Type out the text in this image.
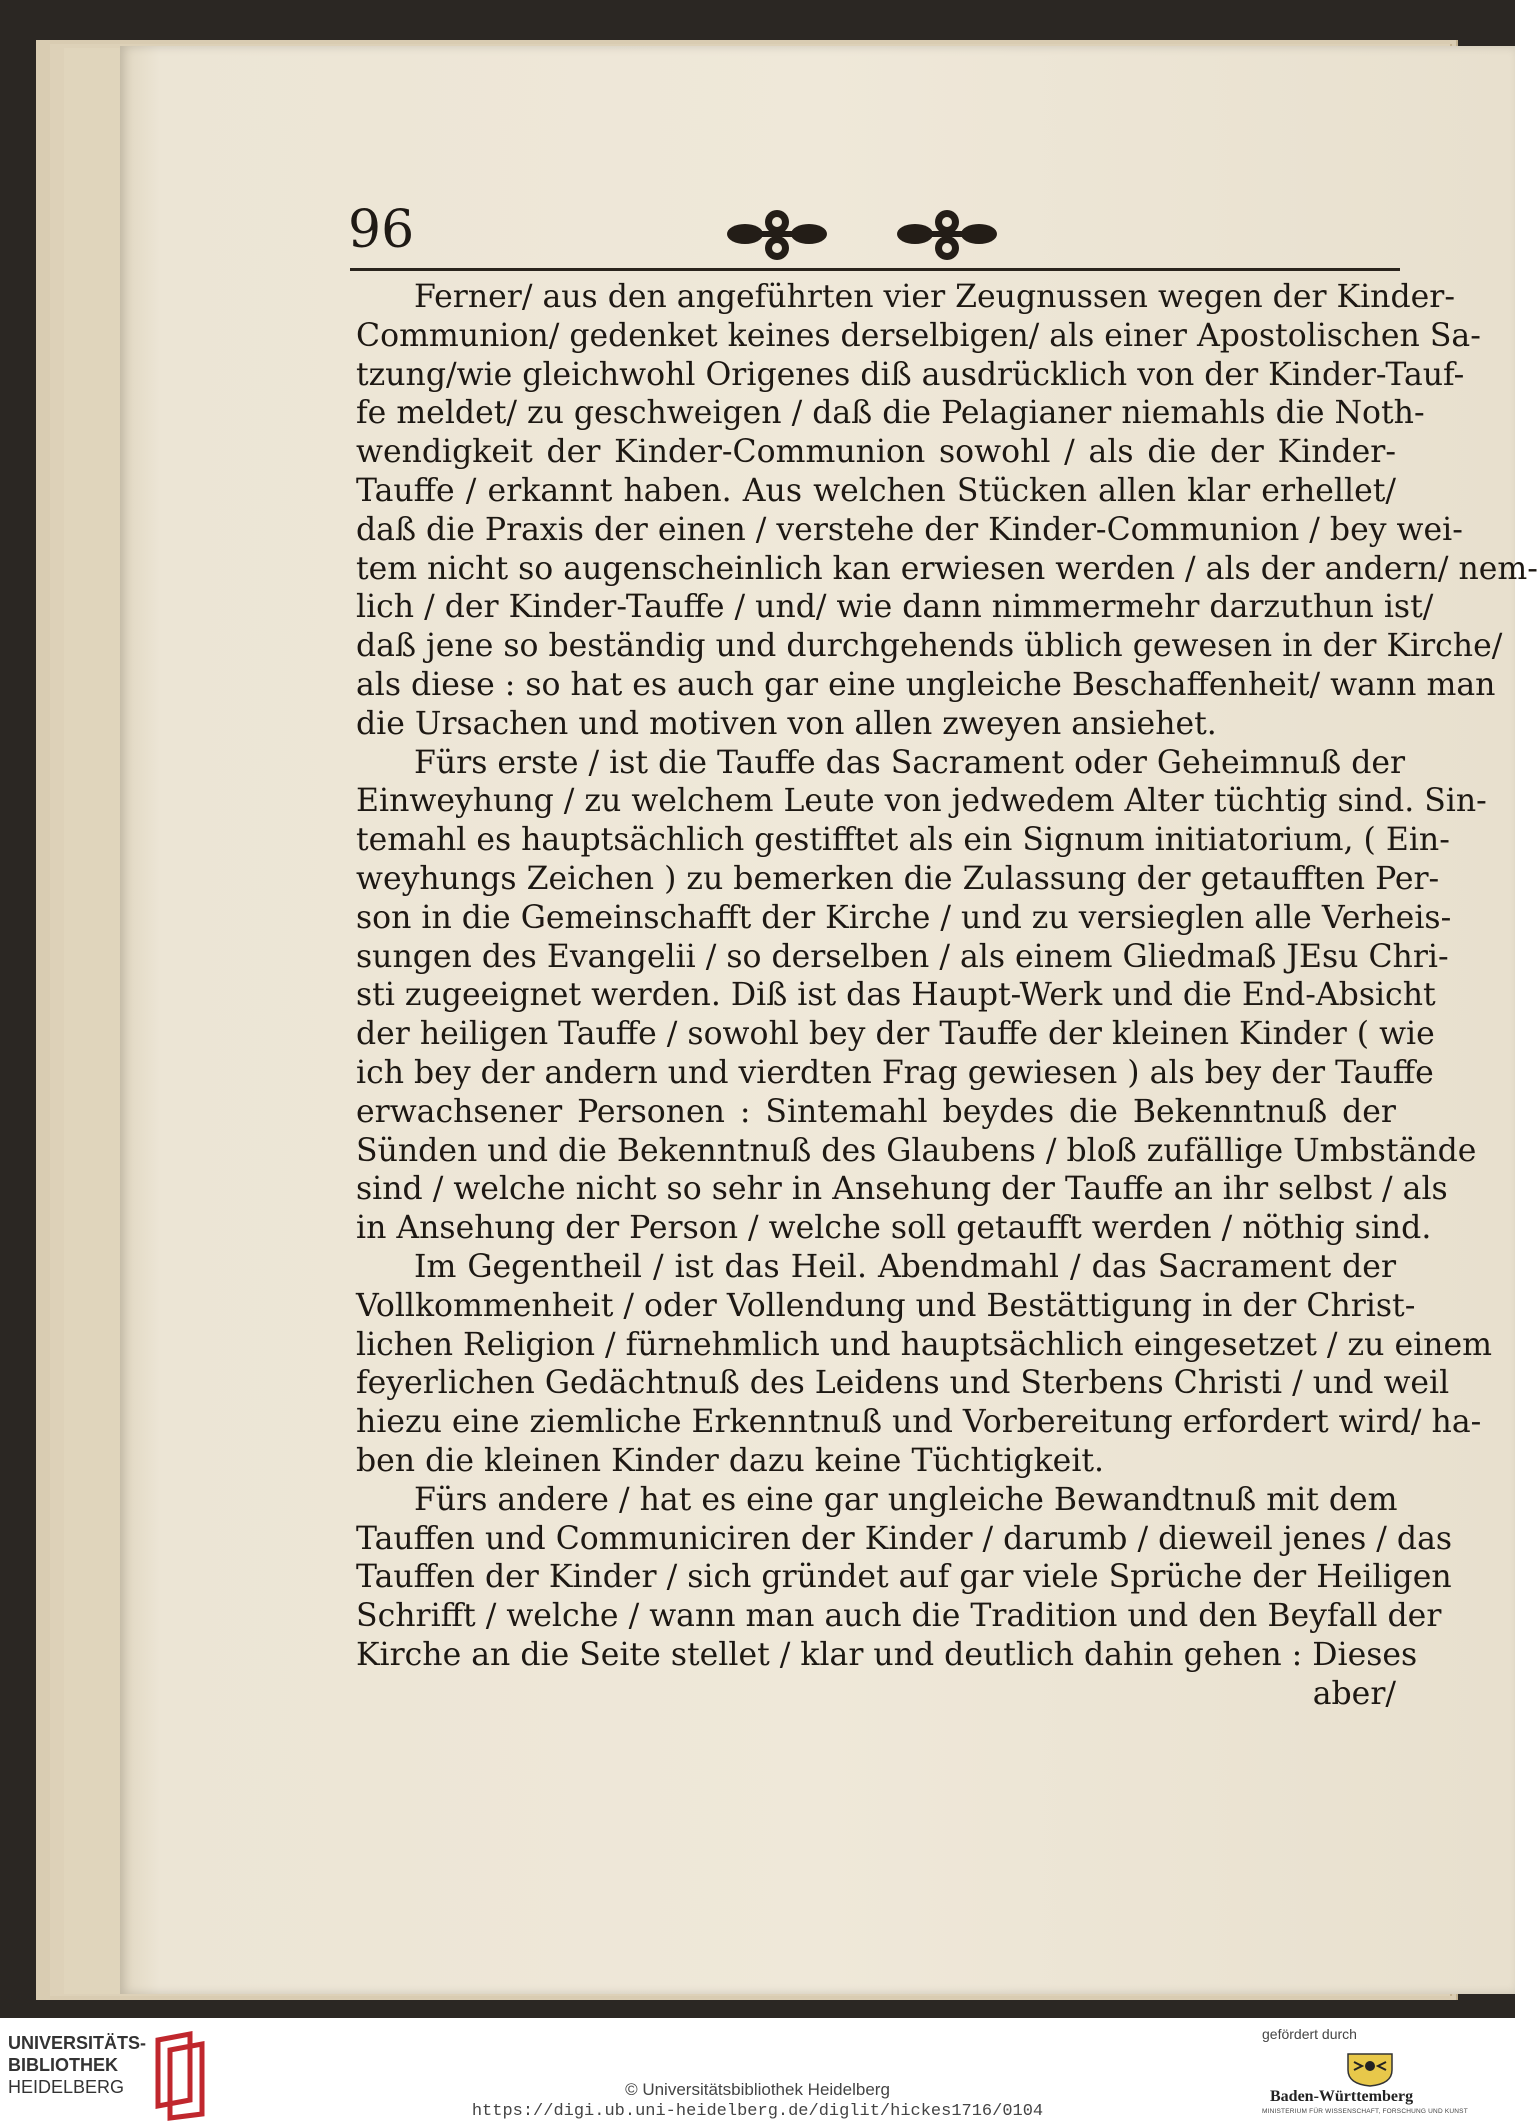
96
Ferner/ aus den angeführten vier Zeugnussen wegen der Kinder-
Communion/ gedenket keines derselbigen/ als einer Apostolischen Sa-
tzung/wie gleichwohl Origenes diß ausdrücklich von der Kinder-Tauf-
fe meldet/ zu geschweigen / daß die Pelagianer niemahls die Noth-
wendigkeit der Kinder-Communion sowohl / als die der Kinder-
Tauffe / erkannt haben. Aus welchen Stücken allen klar erhellet/
daß die Praxis der einen / verstehe der Kinder-Communion / bey wei-
tem nicht so augenscheinlich kan erwiesen werden / als der andern/ nem-
lich / der Kinder-Tauffe / und/ wie dann nimmermehr darzuthun ist/
daß jene so beständig und durchgehends üblich gewesen in der Kirche/
als diese : so hat es auch gar eine ungleiche Beschaffenheit/ wann man
die Ursachen und motiven von allen zweyen ansiehet.
Fürs erste / ist die Tauffe das Sacrament oder Geheimnuß der
Einweyhung / zu welchem Leute von jedwedem Alter tüchtig sind. Sin-
temahl es hauptsächlich gestifftet als ein Signum initiatorium, ( Ein-
weyhungs Zeichen ) zu bemerken die Zulassung der getaufften Per-
son in die Gemeinschafft der Kirche / und zu versieglen alle Verheis-
sungen des Evangelii / so derselben / als einem Gliedmaß JEsu Chri-
sti zugeeignet werden. Diß ist das Haupt-Werk und die End-Absicht
der heiligen Tauffe / sowohl bey der Tauffe der kleinen Kinder ( wie
ich bey der andern und vierdten Frag gewiesen ) als bey der Tauffe
erwachsener Personen : Sintemahl beydes die Bekenntnuß der
Sünden und die Bekenntnuß des Glaubens / bloß zufällige Umbstände
sind / welche nicht so sehr in Ansehung der Tauffe an ihr selbst / als
in Ansehung der Person / welche soll getaufft werden / nöthig sind.
Im Gegentheil / ist das Heil. Abendmahl / das Sacrament der
Vollkommenheit / oder Vollendung und Bestättigung in der Christ-
lichen Religion / fürnehmlich und hauptsächlich eingesetzet / zu einem
feyerlichen Gedächtnuß des Leidens und Sterbens Christi / und weil
hiezu eine ziemliche Erkenntnuß und Vorbereitung erfordert wird/ ha-
ben die kleinen Kinder dazu keine Tüchtigkeit.
Fürs andere / hat es eine gar ungleiche Bewandtnuß mit dem
Tauffen und Communiciren der Kinder / darumb / dieweil jenes / das
Tauffen der Kinder / sich gründet auf gar viele Sprüche der Heiligen
Schrifft / welche / wann man auch die Tradition und den Beyfall der
Kirche an die Seite stellet / klar und deutlich dahin gehen : Dieses
aber/
UNIVERSITÄTS-
BIBLIOTHEK
HEIDELBERG	© Universitätsbibliothek Heidelberg
https://digi.ub.uni-heidelberg.de/diglit/hickes1716/0104
gefördert durch
Baden-Württemberg
MINISTERIUM FÜR WISSENSCHAFT, FORSCHUNG UND KUNST
